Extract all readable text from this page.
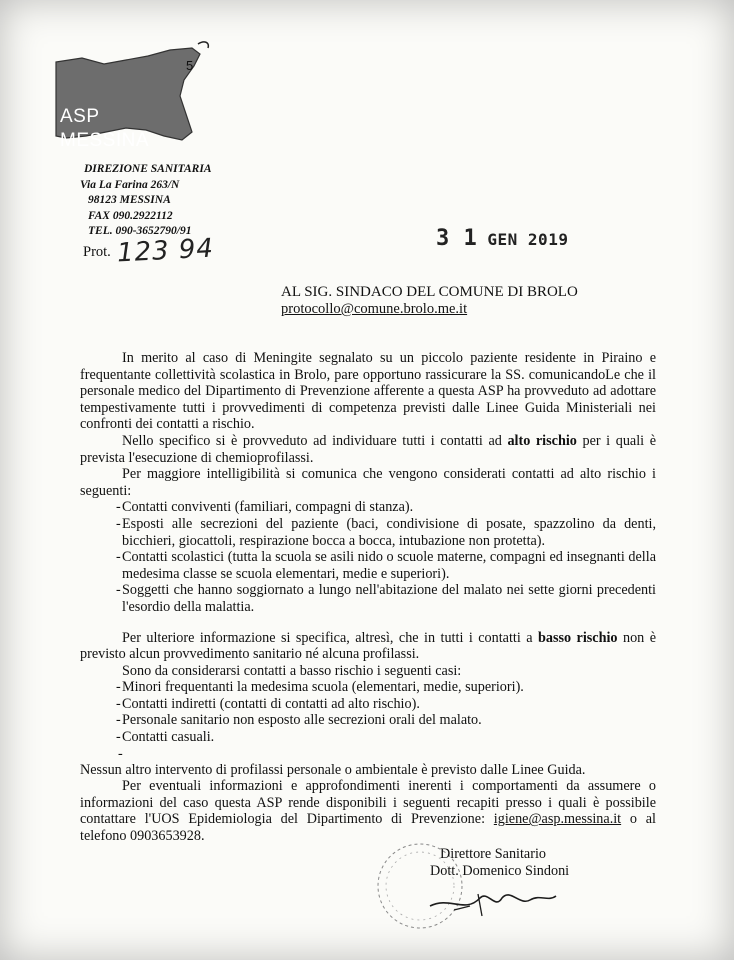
5
ASP
MESSINA
DIREZIONE SANITARIA
Via La Farina 263/N
98123 MESSINA
FAX 090.2922112
TEL. 090-3652790/91
Prot. 123 94	3 1 GEN 2019
AL SIG. SINDACO DEL COMUNE DI BROLO
protocollo@comune.brolo.me.it

In merito al caso di Meningite segnalato su un piccolo paziente residente in Piraino e frequentante collettività scolastica in Brolo, pare opportuno rassicurare la SS. comunicandoLe che il personale medico del Dipartimento di Prevenzione afferente a questa ASP ha provveduto ad adottare tempestivamente tutti i provvedimenti di competenza previsti dalle Linee Guida Ministeriali nei confronti dei contatti a rischio.

Nello specifico si è provveduto ad individuare tutti i contatti ad alto rischio per i quali è prevista l'esecuzione di chemioprofilassi.

Per maggiore intelligibilità si comunica che vengono considerati contatti ad alto rischio i seguenti:

- Contatti conviventi (familiari, compagni di stanza).
- Esposti alle secrezioni del paziente (baci, condivisione di posate, spazzolino da denti, bicchieri, giocattoli, respirazione bocca a bocca, intubazione non protetta).
- Contatti scolastici (tutta la scuola se asili nido o scuole materne, compagni ed insegnanti della medesima classe se scuola elementari, medie e superiori).
- Soggetti che hanno soggiornato a lungo nell'abitazione del malato nei sette giorni precedenti l'esordio della malattia.

Per ulteriore informazione si specifica, altresì, che in tutti i contatti a basso rischio non è previsto alcun provvedimento sanitario né alcuna profilassi.

Sono da considerarsi contatti a basso rischio i seguenti casi:

- Minori frequentanti la medesima scuola (elementari, medie, superiori).
- Contatti indiretti (contatti di contatti ad alto rischio).
- Personale sanitario non esposto alle secrezioni orali del malato.
- Contatti casuali.
-

Nessun altro intervento di profilassi personale o ambientale è previsto dalle Linee Guida.

Per eventuali informazioni e approfondimenti inerenti i comportamenti da assumere o informazioni del caso questa ASP rende disponibili i seguenti recapiti presso i quali è possibile contattare l'UOS Epidemiologia del Dipartimento di Prevenzione: igiene@asp.messina.it o al telefono 0903653928.

Direttore Sanitario
Dott. Domenico Sindoni
